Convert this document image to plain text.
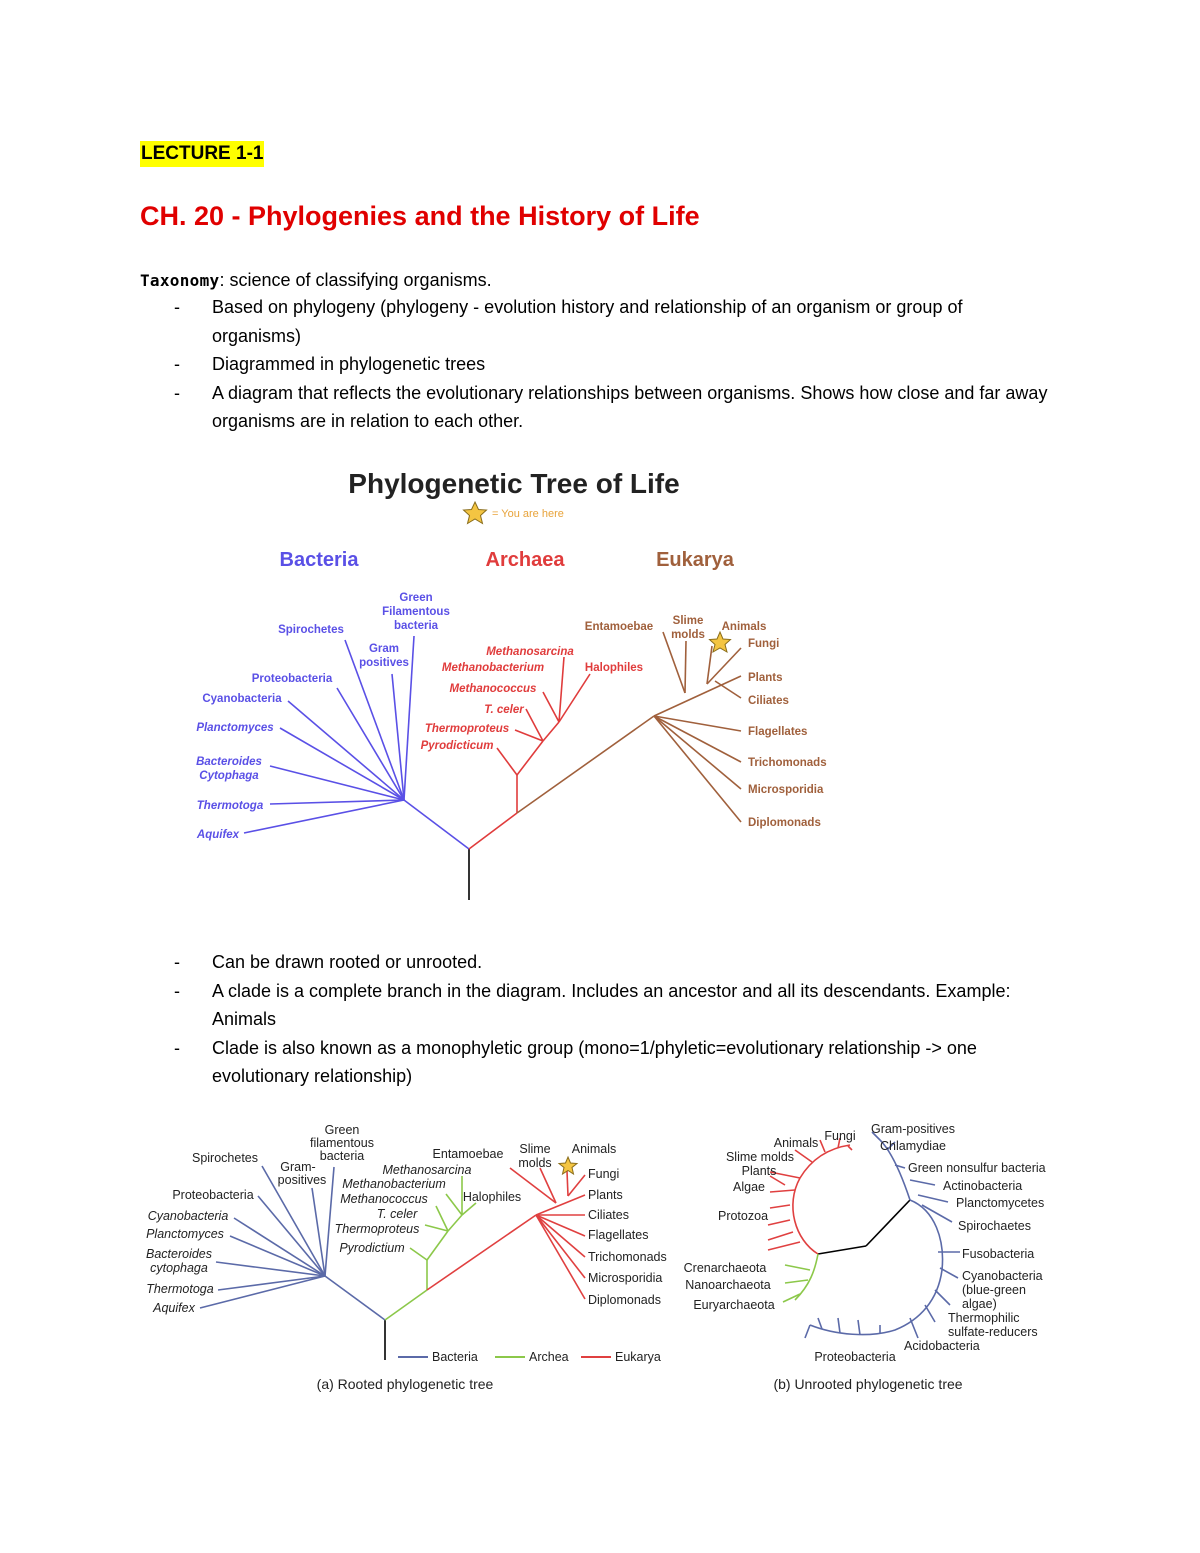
LECTURE 1-1
CH. 20 - Phylogenies and the History of Life
Taxonomy: science of classifying organisms.
- Based on phylogeny (phylogeny - evolution history and relationship of an organism or group of organisms)
- Diagrammed in phylogenetic trees
- A diagram that reflects the evolutionary relationships between organisms. Shows how close and far away organisms are in relation to each other.
Phylogenetic Tree of Life
= You are here
Bacteria	Archaea	Eukarya
Green
Filamentous
bacteria
Gram
positives
Spirochetes
Proteobacteria
Cyanobacteria
Planctomyces
Bacteroides
Cytophaga
Thermotoga
Aquifex
Methanosarcina
Methanobacterium	Halophiles
Methanococcus
T. celer
Thermoproteus
Pyrodicticum
Entamoebae Slime
molds
Animals
Fungi
Plants
Ciliates
Flagellates
Trichomonads
Microsporidia
Diplomonads
- Can be drawn rooted or unrooted.
- A clade is a complete branch in the diagram. Includes an ancestor and all its descendants. Example: Animals
- Clade is also known as a monophyletic group (mono=1/phyletic=evolutionary relationship -> one evolutionary relationship)
Green
filamentous
bacteria
Gram-
positives
Spirochetes
Proteobacteria
Cyanobacteria
Planctomyces
Bacteroides
cytophaga
Thermotoga
Aquifex
Methanosarcina
Methanobacterium
Methanococcus
T. celer
Thermoproteus
Pyrodictium
Halophiles
Entamoebae Slime
molds
Animals
Fungi
Plants
Ciliates
Flagellates
Trichomonads
Microsporidia
Diplomonads
Bacteria	Archea	Eukarya
(a) Rooted phylogenetic tree
Animals Fungi
Slime molds
Plants
Algae
Protozoa
Crenarchaeota
Nanoarchaeota
Euryarchaeota
Gram-positives
Chlamydiae
Green nonsulfur bacteria
Actinobacteria
Planctomycetes
Spirochaetes
Fusobacteria
Cyanobacteria
(blue-green
algae)
Thermophilic
sulfate-reducers
Acidobacteria
Proteobacteria
(b) Unrooted phylogenetic tree
